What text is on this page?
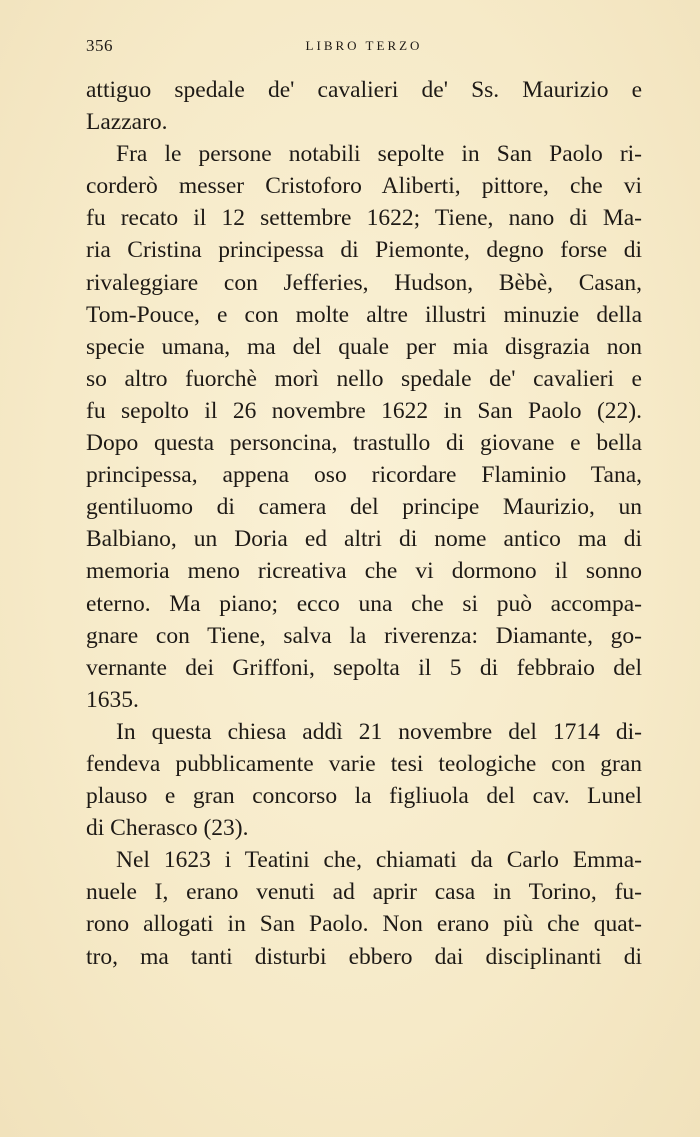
356	LIBRO TERZO
attiguo spedale de' cavalieri de' Ss. Maurizio e
Lazzaro.
Fra le persone notabili sepolte in San Paolo ri-
corderò messer Cristoforo Aliberti, pittore, che vi
fu recato il 12 settembre 1622; Tiene, nano di Ma-
ria Cristina principessa di Piemonte, degno forse di
rivaleggiare con Jefferies, Hudson, Bèbè, Casan,
Tom-Pouce, e con molte altre illustri minuzie della
specie umana, ma del quale per mia disgrazia non
so altro fuorchè morì nello spedale de' cavalieri e
fu sepolto il 26 novembre 1622 in San Paolo (22).
Dopo questa personcina, trastullo di giovane e bella
principessa, appena oso ricordare Flaminio Tana,
gentiluomo di camera del principe Maurizio, un
Balbiano, un Doria ed altri di nome antico ma di
memoria meno ricreativa che vi dormono il sonno
eterno. Ma piano; ecco una che si può accompa-
gnare con Tiene, salva la riverenza: Diamante, go-
vernante dei Griffoni, sepolta il 5 di febbraio del
1635.
In questa chiesa addì 21 novembre del 1714 di-
fendeva pubblicamente varie tesi teologiche con gran
plauso e gran concorso la figliuola del cav. Lunel
di Cherasco (23).
Nel 1623 i Teatini che, chiamati da Carlo Emma-
nuele I, erano venuti ad aprir casa in Torino, fu-
rono allogati in San Paolo. Non erano più che quat-
tro, ma tanti disturbi ebbero dai disciplinanti di
